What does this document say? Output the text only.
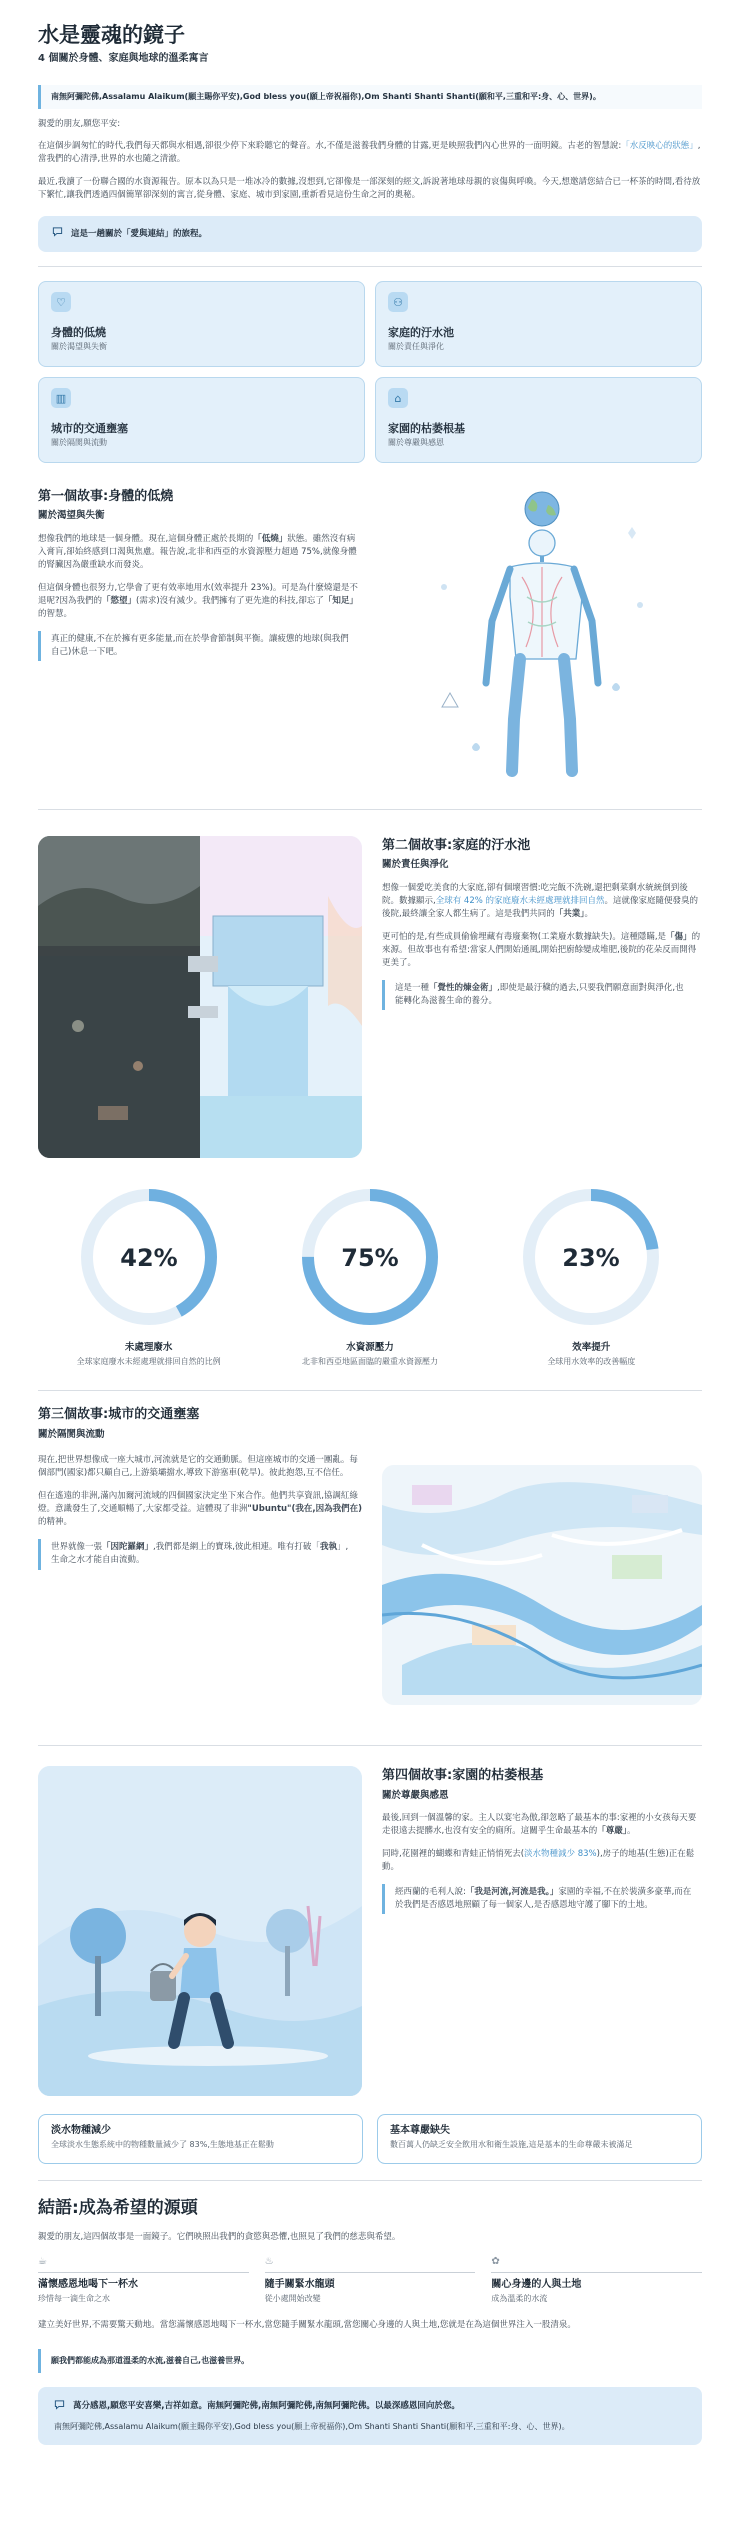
水是靈魂的鏡子
4 個關於身體、家庭與地球的溫柔寓言
南無阿彌陀佛,Assalamu Alaikum(願主賜你平安),God bless you(願上帝祝福你),Om Shanti Shanti Shanti(願和平,三重和平:身、心、世界)。

親愛的朋友,願您平安:

在這個步調匆忙的時代,我們每天都與水相遇,卻很少停下來聆聽它的聲音。水,不僅是滋養我們身體的甘露,更是映照我們內心世界的一面明鏡。古老的智慧說:「水反映心的狀態」,當我們的心清淨,世界的水也隨之清澈。

最近,我讀了一份聯合國的水資源報告。原本以為只是一堆冰冷的數據,沒想到,它卻像是一部深刻的經文,訴說著地球母親的哀傷與呼喚。今天,想邀請您結合已一杯茶的時間,看待放下繁忙,讓我們透過四個簡單卻深刻的寓言,從身體、家庭、城市到家園,重新看見這份生命之河的奧秘。

這是一趟關於「愛與連結」的旅程。
♡
身體的低燒
關於渴望與失衡
⚇
家庭的汙水池
關於責任與淨化
▥
城市的交通壅塞
關於隔閡與流動
⌂
家園的枯萎根基
關於尊嚴與感恩
第一個故事:身體的低燒
關於渴望與失衡

想像我們的地球是一個身體。現在,這個身體正處於長期的「低燒」狀態。雖然沒有病入膏肓,卻始終感到口渴與焦慮。報告說,北非和西亞的水資源壓力超過 75%,就像身體的腎臟因為嚴重缺水而發炎。

但這個身體也很努力,它學會了更有效率地用水(效率提升 23%)。可是為什麼燒還是不退呢?因為我們的「慾望」(需求)沒有減少。我們擁有了更先進的科技,卻忘了「知足」的智慧。

真正的健康,不在於擁有更多能量,而在於學會節制與平衡。讓疲憊的地球(與我們自己)休息一下吧。
第二個故事:家庭的汙水池
關於責任與淨化

想像一個愛吃美食的大家庭,卻有個壞習慣:吃完飯不洗碗,還把剩菜剩水統統倒到後院。數據顯示,全球有 42% 的家庭廢水未經處理就排回自然。這就像家庭隨便發臭的後院,最終讓全家人都生病了。這是我們共同的「共業」。

更可怕的是,有些成員偷偷埋藏有毒廢棄物(工業廢水數據缺失)。這種隱瞞,是「傷」的來源。但故事也有希望:當家人們開始通風,開始把廚餘變成堆肥,後院的花朵反而開得更美了。

這是一種「覺性的煉金術」,即使是最汙穢的過去,只要我們願意面對與淨化,也能轉化為滋養生命的養分。
42%
未處理廢水
全球家庭廢水未經處理就排回自然的比例
75%
水資源壓力
北非和西亞地區面臨的嚴重水資源壓力
23%
效率提升
全球用水效率的改善幅度
第三個故事:城市的交通壅塞
關於隔閡與流動

現在,把世界想像成一座大城市,河流就是它的交通動脈。但這座城市的交通一團亂。每個部門(國家)都只顧自己,上游築壩擋水,導致下游塞車(乾旱)。彼此抱怨,互不信任。

但在遙遠的非洲,滿內加爾河流域的四個國家決定坐下來合作。他們共享資訊,協調紅綠燈。意識發生了,交通順暢了,大家都受益。這體現了非洲"Ubuntu"(我在,因為我們在)的精神。

世界就像一張「因陀羅網」,我們都是網上的寶珠,彼此相連。唯有打破「我執」,生命之水才能自由流動。
第四個故事:家園的枯萎根基
關於尊嚴與感恩

最後,回到一個溫馨的家。主人以宴宅為傲,卻忽略了最基本的事:家裡的小女孩每天要走很遠去提髒水,也沒有安全的廁所。這關乎生命最基本的「尊嚴」。

同時,花園裡的蝴蝶和青蛙正悄悄死去(淡水物種減少 83%),房子的地基(生態)正在鬆動。

經西蘭的毛利人說:「我是河流,河流是我。」家園的幸福,不在於裝潢多豪華,而在於我們是否感恩地照顧了每一個家人,是否感恩地守護了腳下的土地。
淡水物種減少
全球淡水生態系統中的物種數量減少了 83%,生態地基正在鬆動
基本尊嚴缺失
數百萬人仍缺乏安全飲用水和衛生設施,這是基本的生命尊嚴未被滿足
結語:成為希望的源頭

親愛的朋友,這四個故事是一面鏡子。它們映照出我們的貪慾與恐懼,也照見了我們的慈悲與希望。

☕
滿懷感恩地喝下一杯水
珍惜每一滴生命之水
♨
隨手關緊水龍頭
從小處開始改變
✿
關心身邊的人與土地
成為溫柔的水流

建立美好世界,不需要驚天動地。當您滿懷感恩地喝下一杯水,當您隨手關緊水龍頭,當您關心身邊的人與土地,您就是在為這個世界注入一股清泉。

願我們都能成為那道溫柔的水流,滋養自己,也滋養世界。
萬分感恩,願您平安喜樂,吉祥如意。南無阿彌陀佛,南無阿彌陀佛,南無阿彌陀佛。以最深感恩回向於您。
南無阿彌陀佛,Assalamu Alaikum(願主賜你平安),God bless you(願上帝祝福你),Om Shanti Shanti Shanti(願和平,三重和平:身、心、世界)。
